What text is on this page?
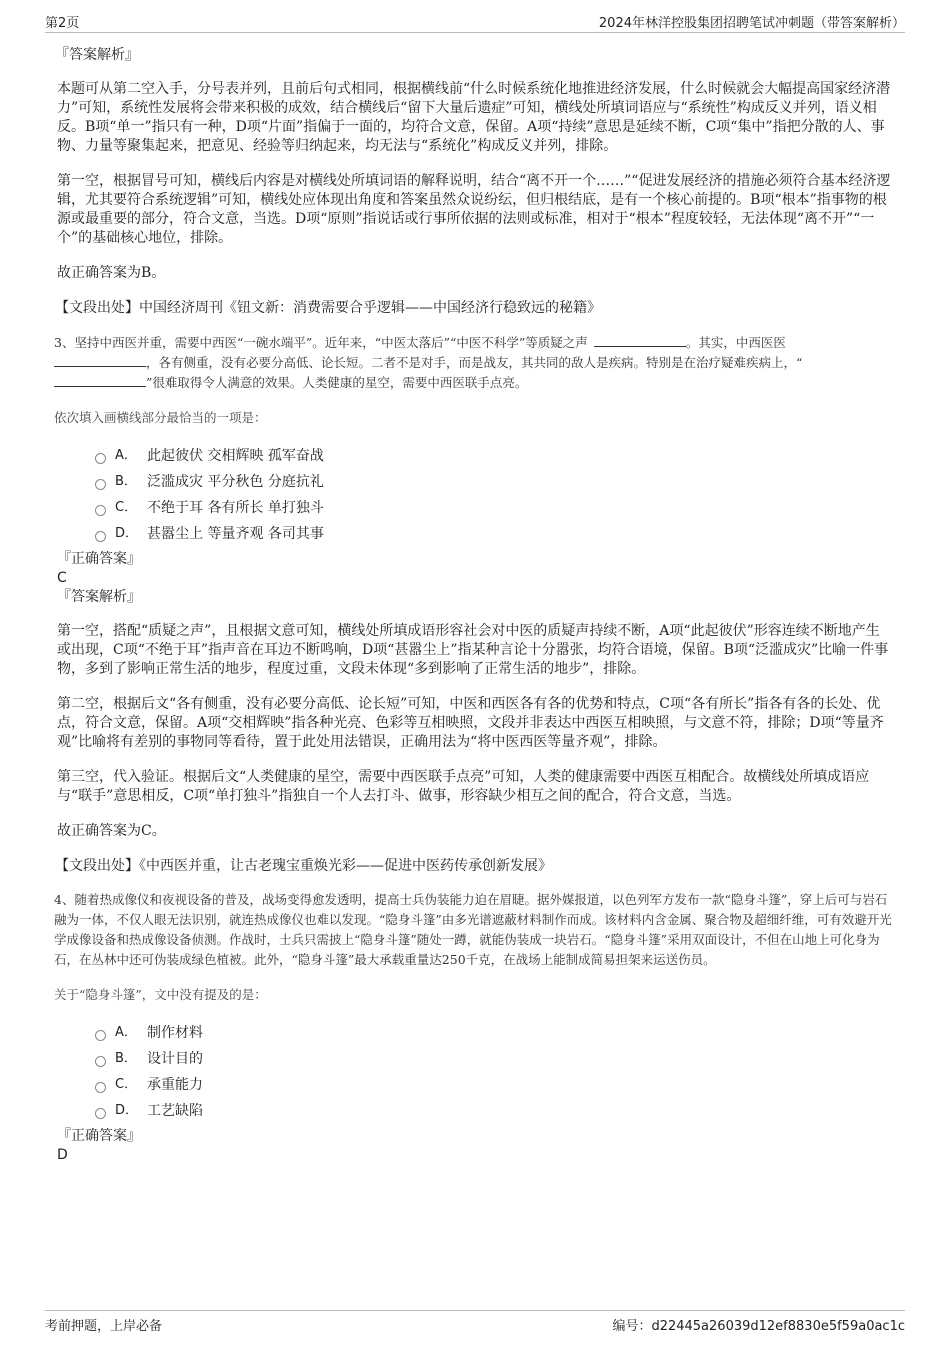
第2页	2024年林洋控股集团招聘笔试冲刺题（带答案解析）

『答案解析』

本题可从第二空入手，分号表并列，且前后句式相同，根据横线前“什么时候系统化地推进经济发展，什么时候就会大幅提高国家经济潜力”可知，系统性发展将会带来积极的成效，结合横线后“留下大量后遗症”可知，横线处所填词语应与“系统性”构成反义并列，语义相反。B项“单一”指只有一种，D项“片面”指偏于一面的，均符合文意，保留。A项“持续”意思是延续不断，C项“集中”指把分散的人、事物、力量等聚集起来，把意见、经验等归纳起来，均无法与“系统化”构成反义并列，排除。

第一空，根据冒号可知，横线后内容是对横线处所填词语的解释说明，结合“离不开一个……”“促进发展经济的措施必须符合基本经济逻辑，尤其要符合系统逻辑”可知，横线处应体现出角度和答案虽然众说纷纭，但归根结底，是有一个核心前提的。B项“根本”指事物的根源或最重要的部分，符合文意，当选。D项“原则”指说话或行事所依据的法则或标准，相对于“根本”程度较轻，无法体现“离不开”“一个”的基础核心地位，排除。

故正确答案为B。

【文段出处】中国经济周刊《钮文新：消费需要合乎逻辑——中国经济行稳致远的秘籍》

3、坚持中西医并重，需要中西医“一碗水端平”。近年来，“中医太落后”“中医不科学”等质疑之声	。其实，中西医医
，各有侧重，没有必要分高低、论长短。二者不是对手，而是战友，其共同的敌人是疾病。特别是在治疗疑难疾病上，“
”很难取得令人满意的效果。人类健康的星空，需要中西医联手点亮。

依次填入画横线部分最恰当的一项是：

A． 此起彼伏 交相辉映 孤军奋战
B． 泛滥成灾 平分秋色 分庭抗礼
C． 不绝于耳 各有所长 单打独斗
D． 甚嚣尘上 等量齐观 各司其事

『正确答案』

C

『答案解析』

第一空，搭配“质疑之声”，且根据文意可知，横线处所填成语形容社会对中医的质疑声持续不断，A项“此起彼伏”形容连续不断地产生或出现，C项“不绝于耳”指声音在耳边不断鸣响，D项“甚嚣尘上”指某种言论十分嚣张，均符合语境，保留。B项“泛滥成灾”比喻一件事物，多到了影响正常生活的地步，程度过重，文段未体现“多到影响了正常生活的地步”，排除。

第二空，根据后文“各有侧重，没有必要分高低、论长短”可知，中医和西医各有各的优势和特点，C项“各有所长”指各有各的长处、优点，符合文意，保留。A项“交相辉映”指各种光亮、色彩等互相映照，文段并非表达中西医互相映照，与文意不符，排除；D项“等量齐观”比喻将有差别的事物同等看待，置于此处用法错误，正确用法为“将中医西医等量齐观”，排除。

第三空，代入验证。根据后文“人类健康的星空，需要中西医联手点亮”可知，人类的健康需要中西医互相配合。故横线处所填成语应与“联手”意思相反，C项“单打独斗”指独自一个人去打斗、做事，形容缺少相互之间的配合，符合文意，当选。

故正确答案为C。

【文段出处】《中西医并重，让古老瑰宝重焕光彩——促进中医药传承创新发展》

4、随着热成像仪和夜视设备的普及，战场变得愈发透明，提高士兵伪装能力迫在眉睫。据外媒报道，以色列军方发布一款“隐身斗篷”，穿上后可与岩石融为一体，不仅人眼无法识别，就连热成像仪也难以发现。“隐身斗篷”由多光谱遮蔽材料制作而成。该材料内含金属、聚合物及超细纤维，可有效避开光学成像设备和热成像设备侦测。作战时，士兵只需披上“隐身斗篷”随处一蹲，就能伪装成一块岩石。“隐身斗篷”采用双面设计，不但在山地上可化身为石，在丛林中还可伪装成绿色植被。此外，“隐身斗篷”最大承载重量达250千克，在战场上能制成简易担架来运送伤员。

关于“隐身斗篷”，文中没有提及的是：

A． 制作材料
B． 设计目的
C． 承重能力
D． 工艺缺陷

『正确答案』

D

考前押题，上岸必备	编号：d22445a26039d12ef8830e5f59a0ac1c
